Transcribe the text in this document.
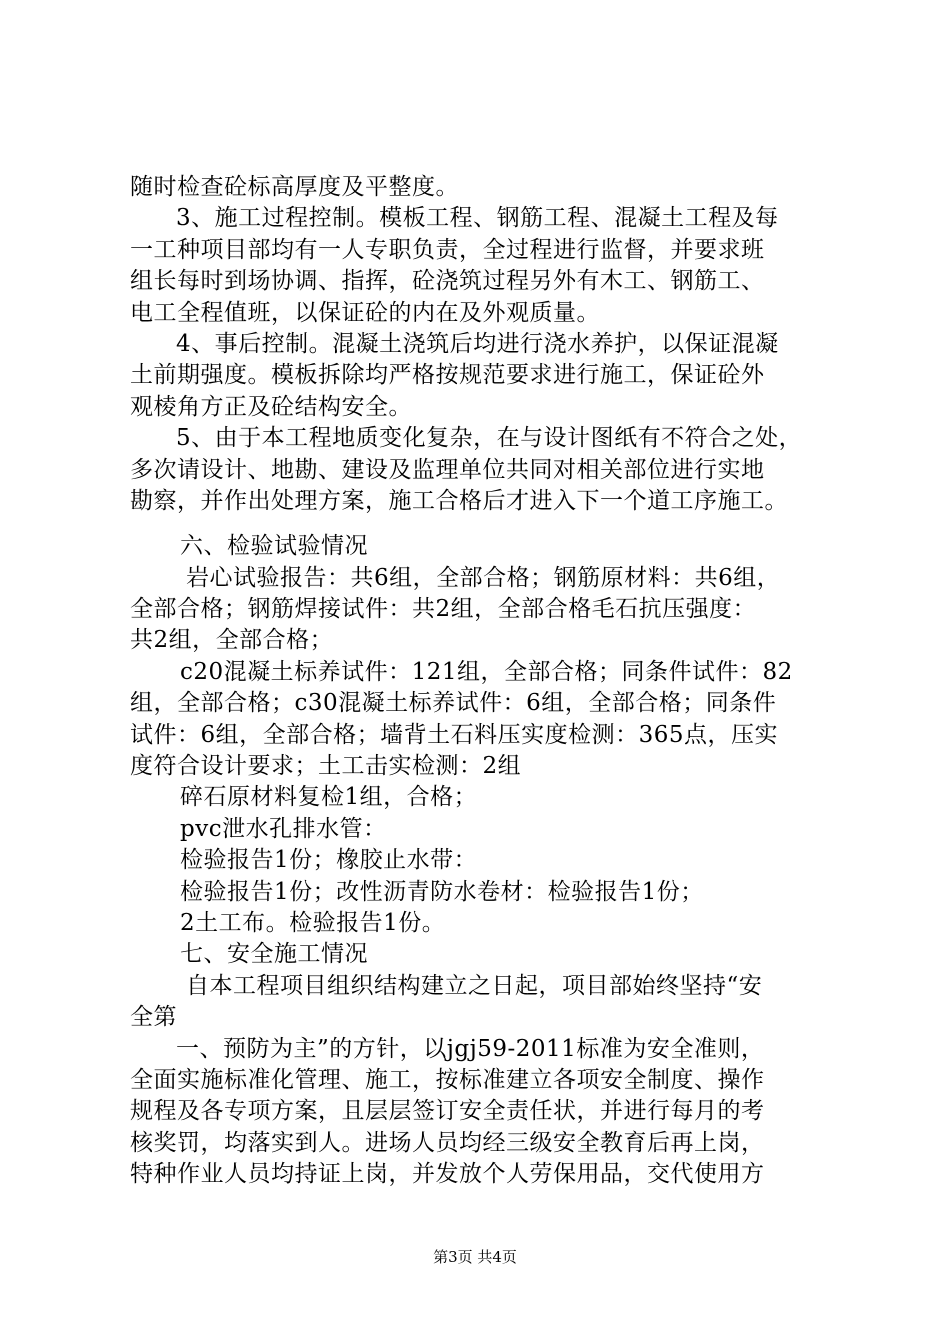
随时检查砼标高厚度及平整度。
3、施工过程控制。模板工程、钢筋工程、混凝土工程及每
一工种项目部均有一人专职负责，全过程进行监督，并要求班
组长每时到场协调、指挥，砼浇筑过程另外有木工、钢筋工、
电工全程值班，以保证砼的内在及外观质量。
4、事后控制。混凝土浇筑后均进行浇水养护，以保证混凝
土前期强度。模板拆除均严格按规范要求进行施工，保证砼外
观棱角方正及砼结构安全。
5、由于本工程地质变化复杂，在与设计图纸有不符合之处，
多次请设计、地勘、建设及监理单位共同对相关部位进行实地
勘察，并作出处理方案，施工合格后才进入下一个道工序施工。
六、检验试验情况
岩心试验报告：共6组，全部合格；钢筋原材料：共6组，
全部合格；钢筋焊接试件：共2组，全部合格毛石抗压强度：
共2组，全部合格；
c20混凝土标养试件：121组，全部合格；同条件试件：82
组，全部合格；c30混凝土标养试件：6组，全部合格；同条件
试件：6组，全部合格；墙背土石料压实度检测：365点，压实
度符合设计要求；土工击实检测：2组
碎石原材料复检1组，合格；
pvc泄水孔排水管：
检验报告1份；橡胶止水带：
检验报告1份；改性沥青防水卷材：检验报告1份；
2土工布。检验报告1份。
七、安全施工情况
自本工程项目组织结构建立之日起，项目部始终坚持“安
全第
一、预防为主”的方针，以jgj59-2011标准为安全准则，
全面实施标准化管理、施工，按标准建立各项安全制度、操作
规程及各专项方案，且层层签订安全责任状，并进行每月的考
核奖罚，均落实到人。进场人员均经三级安全教育后再上岗，
特种作业人员均持证上岗，并发放个人劳保用品，交代使用方
第3页 共4页
